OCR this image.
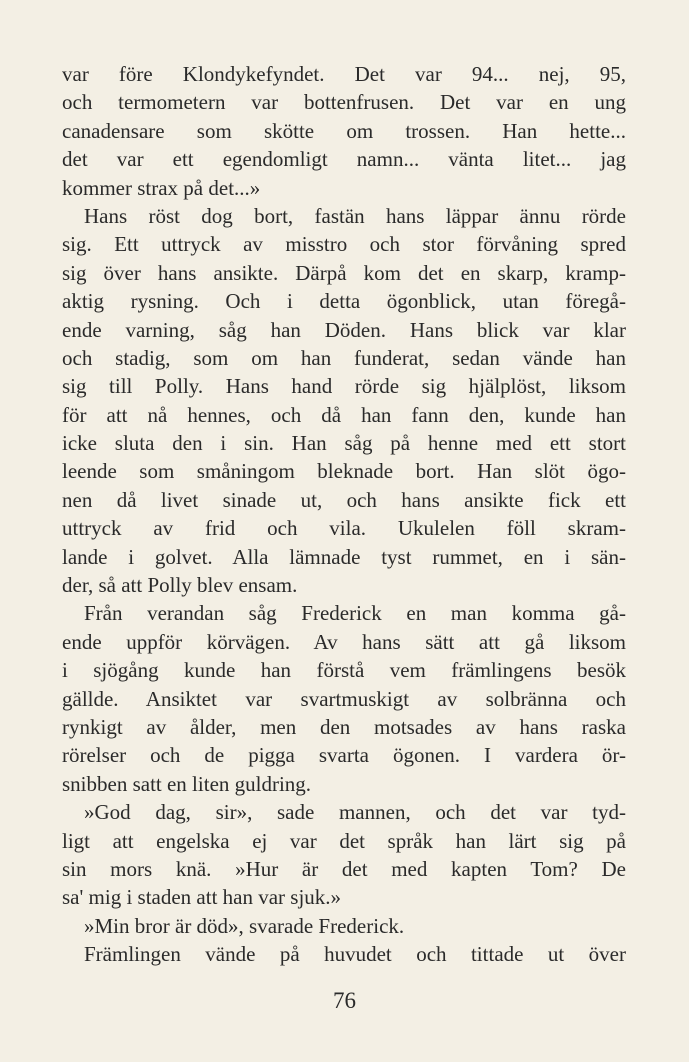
var före Klondykefyndet. Det var 94... nej, 95,
och termometern var bottenfrusen. Det var en ung
canadensare som skötte om trossen. Han hette...
det var ett egendomligt namn... vänta litet... jag
kommer strax på det...»
Hans röst dog bort, fastän hans läppar ännu rörde
sig. Ett uttryck av misstro och stor förvåning spred
sig över hans ansikte. Därpå kom det en skarp, kramp-
aktig rysning. Och i detta ögonblick, utan föregå-
ende varning, såg han Döden. Hans blick var klar
och stadig, som om han funderat, sedan vände han
sig till Polly. Hans hand rörde sig hjälplöst, liksom
för att nå hennes, och då han fann den, kunde han
icke sluta den i sin. Han såg på henne med ett stort
leende som småningom bleknade bort. Han slöt ögo-
nen då livet sinade ut, och hans ansikte fick ett
uttryck av frid och vila. Ukulelen föll skram-
lande i golvet. Alla lämnade tyst rummet, en i sän-
der, så att Polly blev ensam.
Från verandan såg Frederick en man komma gå-
ende uppför körvägen. Av hans sätt att gå liksom
i sjögång kunde han förstå vem främlingens besök
gällde. Ansiktet var svartmuskigt av solbränna och
rynkigt av ålder, men den motsades av hans raska
rörelser och de pigga svarta ögonen. I vardera ör-
snibben satt en liten guldring.
»God dag, sir», sade mannen, och det var tyd-
ligt att engelska ej var det språk han lärt sig på
sin mors knä. »Hur är det med kapten Tom? De
sa' mig i staden att han var sjuk.»
»Min bror är död», svarade Frederick.
Främlingen vände på huvudet och tittade ut över
76
